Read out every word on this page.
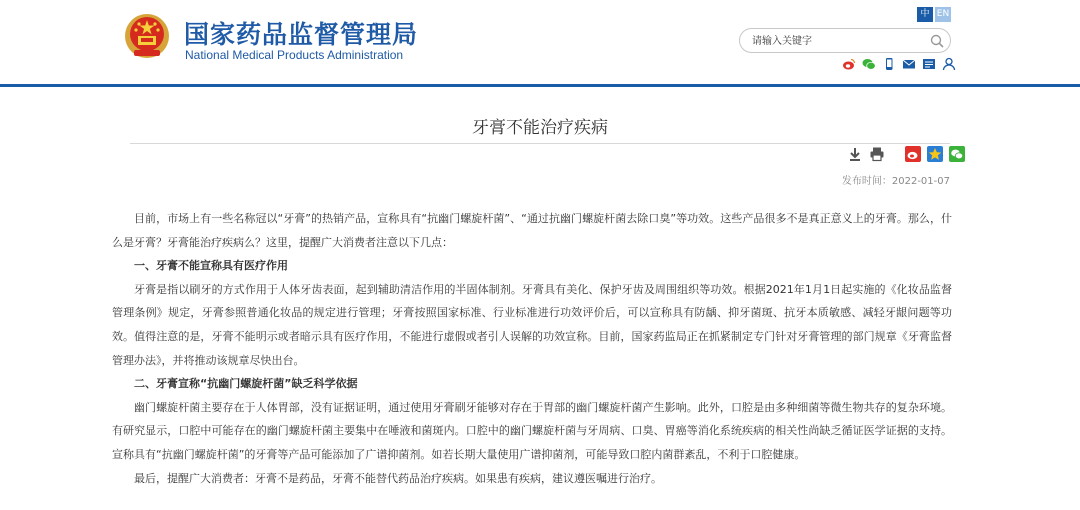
国家药品监督管理局
National Medical Products Administration
中 EN
请输入关键字
牙膏不能治疗疾病
发布时间：2022-01-07

目前，市场上有一些名称冠以“牙膏”的热销产品，宣称具有“抗幽门螺旋杆菌”、“通过抗幽门螺旋杆菌去除口臭”等功效。这些产品很多不是真正意义上的牙膏。那么，什么是牙膏？牙膏能治疗疾病么？这里，提醒广大消费者注意以下几点：

一、牙膏不能宣称具有医疗作用

牙膏是指以刷牙的方式作用于人体牙齿表面，起到辅助清洁作用的半固体制剂。牙膏具有美化、保护牙齿及周围组织等功效。根据2021年1月1日起实施的《化妆品监督管理条例》规定，牙膏参照普通化妆品的规定进行管理；牙膏按照国家标准、行业标准进行功效评价后，可以宣称具有防龋、抑牙菌斑、抗牙本质敏感、减轻牙龈问题等功效。值得注意的是，牙膏不能明示或者暗示具有医疗作用，不能进行虚假或者引人误解的功效宣称。目前，国家药监局正在抓紧制定专门针对牙膏管理的部门规章《牙膏监督管理办法》，并将推动该规章尽快出台。

二、牙膏宣称“抗幽门螺旋杆菌”缺乏科学依据

幽门螺旋杆菌主要存在于人体胃部，没有证据证明，通过使用牙膏刷牙能够对存在于胃部的幽门螺旋杆菌产生影响。此外，口腔是由多种细菌等微生物共存的复杂环境。有研究显示，口腔中可能存在的幽门螺旋杆菌主要集中在唾液和菌斑内。口腔中的幽门螺旋杆菌与牙周病、口臭、胃癌等消化系统疾病的相关性尚缺乏循证医学证据的支持。宣称具有“抗幽门螺旋杆菌”的牙膏等产品可能添加了广谱抑菌剂。如若长期大量使用广谱抑菌剂，可能导致口腔内菌群紊乱，不利于口腔健康。

最后，提醒广大消费者：牙膏不是药品，牙膏不能替代药品治疗疾病。如果患有疾病，建议遵医嘱进行治疗。
